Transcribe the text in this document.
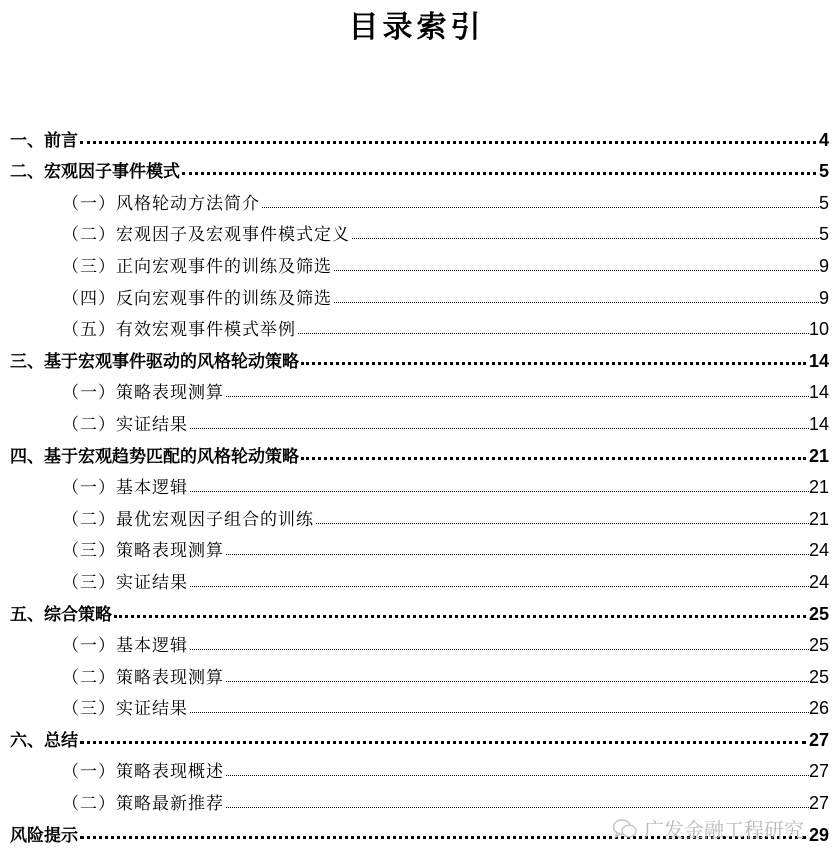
目录索引
一、前言	4
二、宏观因子事件模式	5
（一）风格轮动方法简介	5
（二）宏观因子及宏观事件模式定义	5
（三）正向宏观事件的训练及筛选	9
（四）反向宏观事件的训练及筛选	9
（五）有效宏观事件模式举例	10
三、基于宏观事件驱动的风格轮动策略	14
（一）策略表现测算	14
（二）实证结果	14
四、基于宏观趋势匹配的风格轮动策略	21
（一）基本逻辑	21
（二）最优宏观因子组合的训练	21
（三）策略表现测算	24
（三）实证结果	24
五、综合策略	25
（一）基本逻辑	25
（二）策略表现测算	25
（三）实证结果	26
六、总结	27
（一）策略表现概述	27
（二）策略最新推荐	27
风险提示	29
广发金融工程研究
